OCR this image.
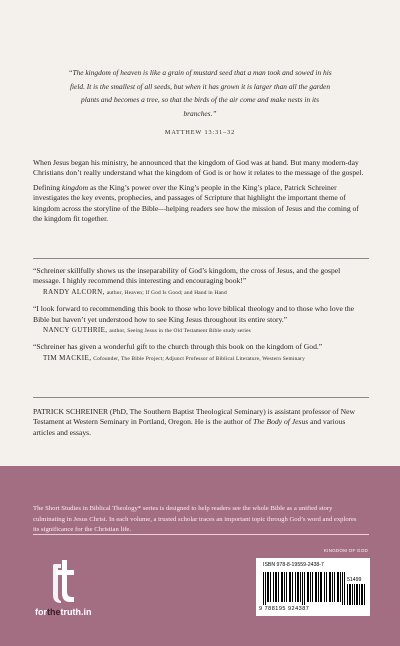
“The kingdom of heaven is like a grain of mustard seed that a man took and sowed in his field. It is the smallest of all seeds, but when it has grown it is larger than all the garden plants and becomes a tree, so that the birds of the air come and make nests in its branches.”
MATTHEW 13:31–32

When Jesus began his ministry, he announced that the kingdom of God was at hand. But many modern-day Christians don’t really understand what the kingdom of God is or how it relates to the message of the gospel.

Defining kingdom as the King’s power over the King’s people in the King’s place, Patrick Schreiner investigates the key events, prophecies, and passages of Scripture that highlight the important theme of kingdom across the storyline of the Bible—helping readers see how the mission of Jesus and the coming of the kingdom fit together.

“Schreiner skillfully shows us the inseparability of God’s kingdom, the cross of Jesus, and the gospel message. I highly recommend this interesting and encouraging book!”

RANDY ALCORN, author, Heaven; If God Is Good; and Hand in Hand

“I look forward to recommending this book to those who love biblical theology and to those who love the Bible but haven’t yet understood how to see King Jesus throughout its entire story.”

NANCY GUTHRIE, author, Seeing Jesus in the Old Testament Bible study series

“Schreiner has given a wonderful gift to the church through this book on the kingdom of God.”

TIM MACKIE, Cofounder, The Bible Project; Adjunct Professor of Biblical Literature, Western Seminary

PATRICK SCHREINER (PhD, The Southern Baptist Theological Seminary) is assistant professor of New Testament at Western Seminary in Portland, Oregon. He is the author of The Body of Jesus and various articles and essays.

The Short Studies in Biblical Theology* series is designed to help readers see the whole Bible as a unified story culminating in Jesus Christ. In each volume, a trusted scholar traces an important topic through God’s word and explores its significance for the Christian life.

KINGDOM OF GOD
forthetruth.in
ISBN 978-8-19559-2438-7
51499
9 788195 924387
